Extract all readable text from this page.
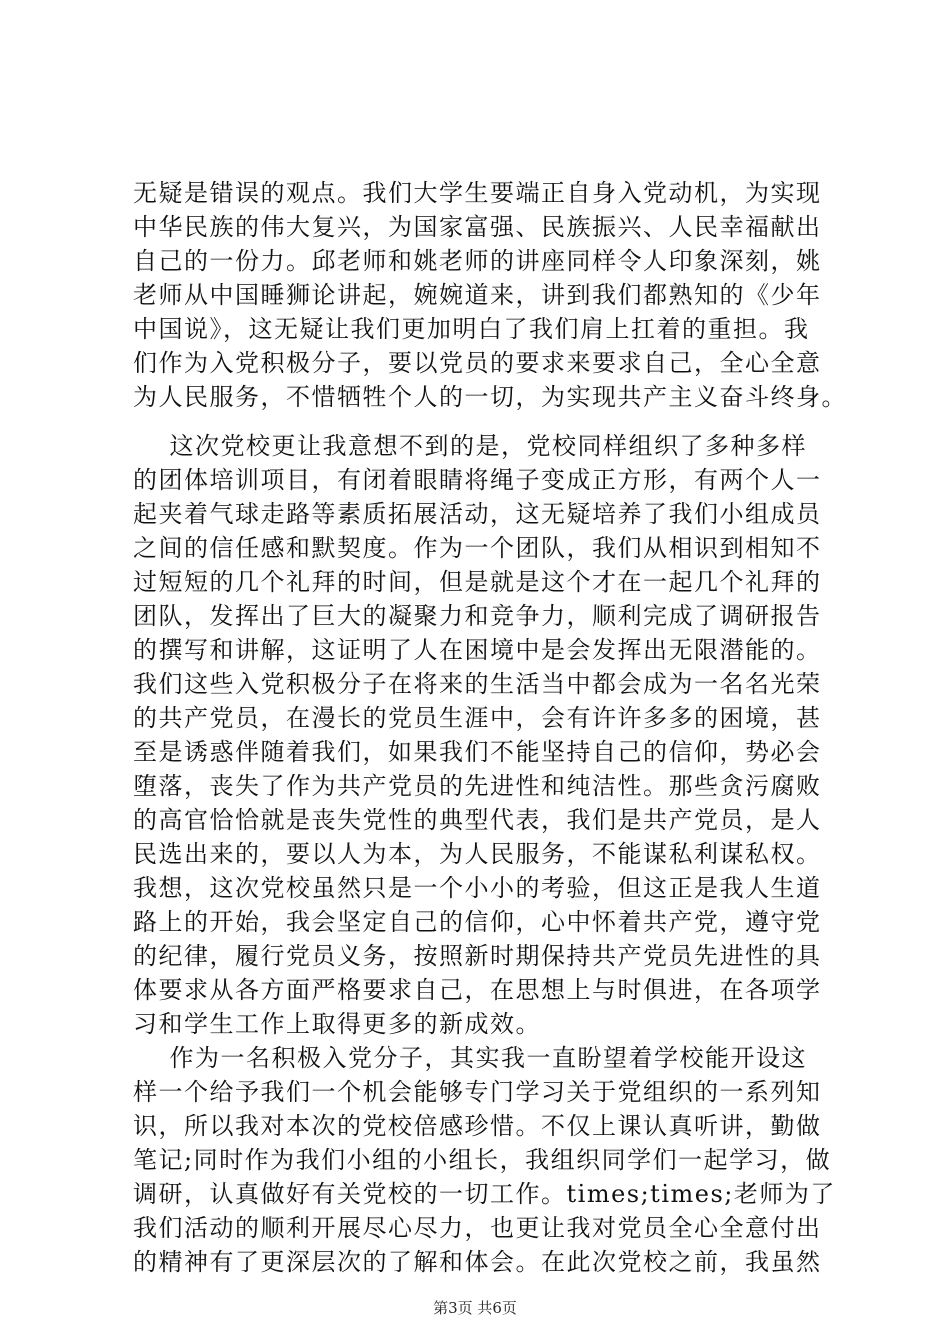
无疑是错误的观点。我们大学生要端正自身入党动机，为实现
中华民族的伟大复兴，为国家富强、民族振兴、人民幸福献出
自己的一份力。邱老师和姚老师的讲座同样令人印象深刻，姚
老师从中国睡狮论讲起，婉婉道来，讲到我们都熟知的《少年
中国说》，这无疑让我们更加明白了我们肩上扛着的重担。我
们作为入党积极分子，要以党员的要求来要求自己，全心全意
为人民服务，不惜牺牲个人的一切，为实现共产主义奋斗终身。
这次党校更让我意想不到的是，党校同样组织了多种多样
的团体培训项目，有闭着眼睛将绳子变成正方形，有两个人一
起夹着气球走路等素质拓展活动，这无疑培养了我们小组成员
之间的信任感和默契度。作为一个团队，我们从相识到相知不
过短短的几个礼拜的时间，但是就是这个才在一起几个礼拜的
团队，发挥出了巨大的凝聚力和竞争力，顺利完成了调研报告
的撰写和讲解，这证明了人在困境中是会发挥出无限潜能的。
我们这些入党积极分子在将来的生活当中都会成为一名名光荣
的共产党员，在漫长的党员生涯中，会有许许多多的困境，甚
至是诱惑伴随着我们，如果我们不能坚持自己的信仰，势必会
堕落，丧失了作为共产党员的先进性和纯洁性。那些贪污腐败
的高官恰恰就是丧失党性的典型代表，我们是共产党员，是人
民选出来的，要以人为本，为人民服务，不能谋私利谋私权。
我想，这次党校虽然只是一个小小的考验，但这正是我人生道
路上的开始，我会坚定自己的信仰，心中怀着共产党，遵守党
的纪律，履行党员义务，按照新时期保持共产党员先进性的具
体要求从各方面严格要求自己，在思想上与时俱进，在各项学
习和学生工作上取得更多的新成效。
作为一名积极入党分子，其实我一直盼望着学校能开设这
样一个给予我们一个机会能够专门学习关于党组织的一系列知
识，所以我对本次的党校倍感珍惜。不仅上课认真听讲，勤做
笔记;同时作为我们小组的小组长，我组织同学们一起学习，做
调研，认真做好有关党校的一切工作。times;times;老师为了
我们活动的顺利开展尽心尽力，也更让我对党员全心全意付出
的精神有了更深层次的了解和体会。在此次党校之前，我虽然
第3页 共6页
